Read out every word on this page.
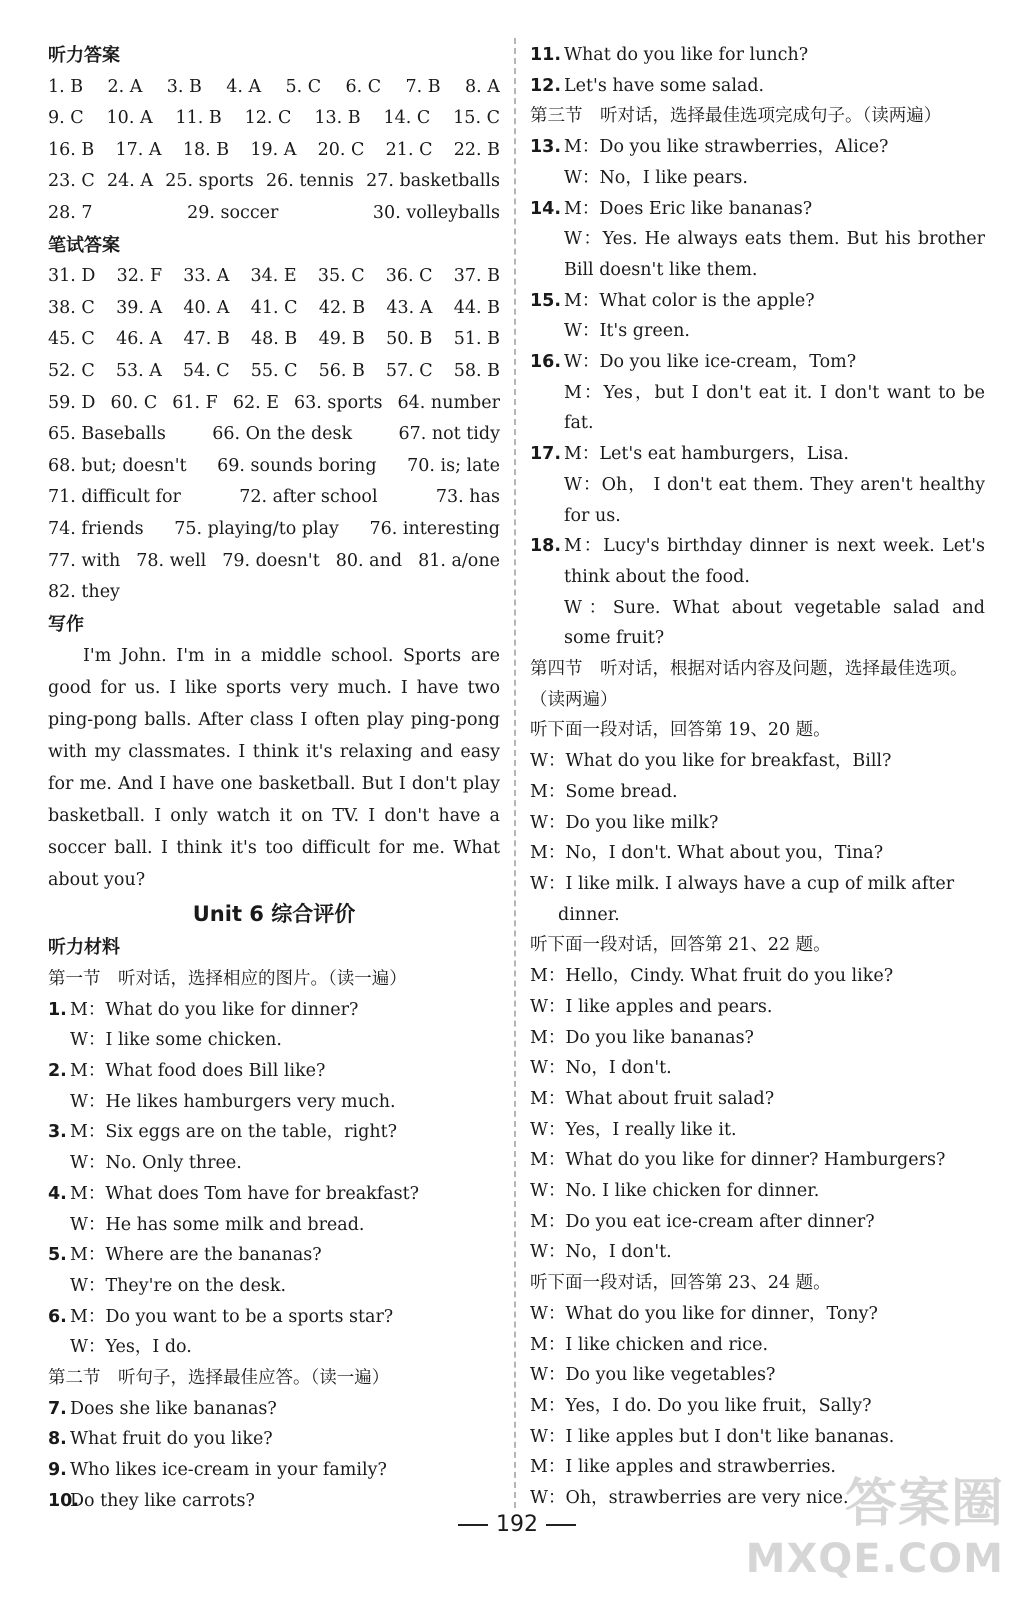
听力答案
1. B 2. A 3. B 4. A 5. C 6. C 7. B 8. A
9. C 10. A 11. B 12. C 13. B 14. C 15. C
16. B 17. A 18. B 19. A 20. C 21. C 22. B
23. C 24. A 25. sports 26. tennis 27. basketballs
28. 7	29. soccer	30. volleyballs
笔试答案
31. D 32. F 33. A 34. E 35. C 36. C 37. B
38. C 39. A 40. A 41. C 42. B 43. A 44. B
45. C 46. A 47. B 48. B 49. B 50. B 51. B
52. C 53. A 54. C 55. C 56. B 57. C 58. B
59. D 60. C 61. F 62. E 63. sports 64. number
65. Baseballs	66. On the desk	67. not tidy
68. but; doesn't 69. sounds boring 70. is; late
71. difficult for	72. after school	73. has
74. friends 75. playing/to play 76. interesting
77. with 78. well 79. doesn't 80. and 81. a/one
82. they
写作

I'm John. I'm in a middle school. Sports are good for us. I like sports very much. I have two ping-pong balls. After class I often play ping-pong with my classmates. I think it's relaxing and easy for me. And I have one basketball. But I don't play basketball. I only watch it on TV. I don't have a soccer ball. I think it's too difficult for me. What about you?

Unit 6 综合评价
听力材料
第一节　听对话，选择相应的图片。（读一遍）
1. M：What do you like for dinner?
W：I like some chicken.
2. M：What food does Bill like?
W：He likes hamburgers very much.
3. M：Six eggs are on the table，right?
W：No. Only three.
4. M：What does Tom have for breakfast?
W：He has some milk and bread.
5. M：Where are the bananas?
W：They're on the desk.
6. M：Do you want to be a sports star?
W：Yes，I do.
第二节　听句子，选择最佳应答。（读一遍）
7. Does she like bananas?
8. What fruit do you like?
9. Who likes ice-cream in your family?
10.
Do they like carrots?
11. What do you like for lunch?
12. Let's have some salad.
第三节　听对话，选择最佳选项完成句子。（读两遍）
13. M：Do you like strawberries，Alice?
W：No，I like pears.
14. M：Does Eric like bananas?
W：Yes. He always eats them. But his brother Bill doesn't like them.
15. M：What color is the apple?
W：It's green.
16. W：Do you like ice-cream，Tom?
M：Yes，but I don't eat it. I don't want to be fat.
17. M：Let's eat hamburgers，Lisa.
W：Oh， I don't eat them. They aren't healthy for us.
18. M：Lucy's birthday dinner is next week. Let's think about the food.
W：Sure. What about vegetable salad and some fruit?
第四节　听对话，根据对话内容及问题，选择最佳选项。（读两遍）
听下面一段对话，回答第 19、20 题。
W：What do you like for breakfast，Bill?
M：Some bread.
W：Do you like milk?
M：No，I don't. What about you，Tina?
W：I like milk. I always have a cup of milk after dinner.
听下面一段对话，回答第 21、22 题。
M：Hello，Cindy. What fruit do you like?
W：I like apples and pears.
M：Do you like bananas?
W：No，I don't.
M：What about fruit salad?
W：Yes，I really like it.
M：What do you like for dinner? Hamburgers?
W：No. I like chicken for dinner.
M：Do you eat ice-cream after dinner?
W：No，I don't.
听下面一段对话，回答第 23、24 题。
W：What do you like for dinner，Tony?
M：I like chicken and rice.
W：Do you like vegetables?
M：Yes，I do. Do you like fruit，Sally?
W：I like apples but I don't like bananas.
M：I like apples and strawberries.
W：Oh，strawberries are very nice.
192	答案圈
MXQE.COM
